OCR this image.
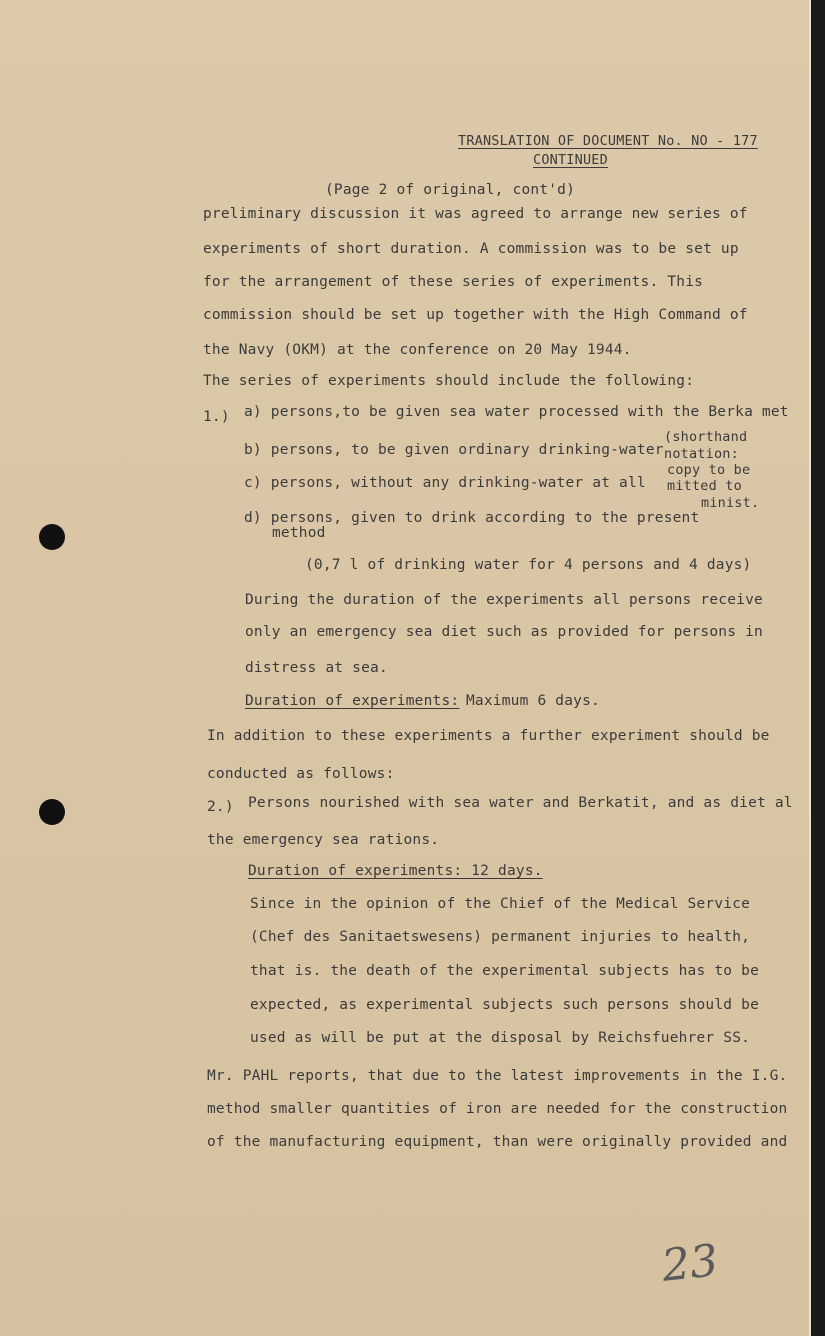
TRANSLATION OF DOCUMENT No. NO - 177
CONTINUED
(Page 2 of original, cont'd)
preliminary discussion it was agreed to arrange new series of
experiments of short duration. A commission was to be set up
for the arrangement of these series of experiments. This
commission should be set up together with the High Command of
the Navy (OKM) at the conference on 20 May 1944.
The series of experiments should include the following:
1.) a) persons,to be given sea water processed with the Berka met
b) persons, to be given ordinary drinking-water
c) persons, without any drinking-water at all
d) persons, given to drink according to the present
method
(shorthand
notation:
copy to be
mitted to
minist.
(0,7 l of drinking water for 4 persons and 4 days)
During the duration of the experiments all persons receive
only an emergency sea diet such as provided for persons in
distress at sea.
Duration of experiments: Maximum 6 days.
In addition to these experiments a further experiment should be
conducted as follows:
2.) Persons nourished with sea water and Berkatit, and as diet al
the emergency sea rations.
Duration of experiments: 12 days.
Since in the opinion of the Chief of the Medical Service
(Chef des Sanitaetswesens) permanent injuries to health,
that is. the death of the experimental subjects has to be
expected, as experimental subjects such persons should be
used as will be put at the disposal by Reichsfuehrer SS.
Mr. PAHL reports, that due to the latest improvements in the I.G.
method smaller quantities of iron are needed for the construction
of the manufacturing equipment, than were originally provided and
23
